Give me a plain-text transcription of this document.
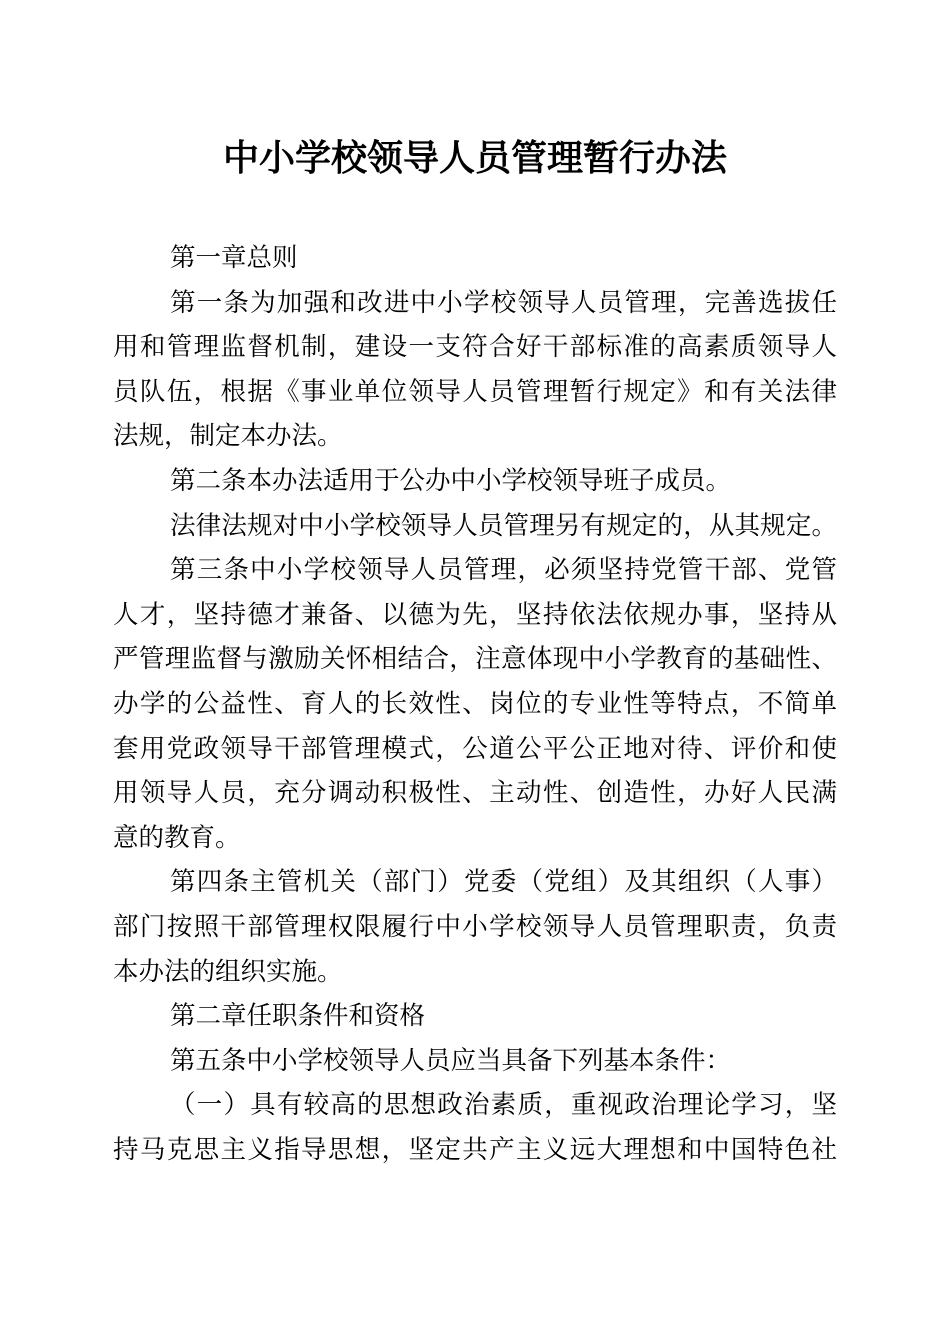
中小学校领导人员管理暂行办法
第一章总则
第一条为加强和改进中小学校领导人员管理，完善选拔任
用和管理监督机制，建设一支符合好干部标准的高素质领导人
员队伍，根据《事业单位领导人员管理暂行规定》和有关法律
法规，制定本办法。
第二条本办法适用于公办中小学校领导班子成员。
法律法规对中小学校领导人员管理另有规定的，从其规定。
第三条中小学校领导人员管理，必须坚持党管干部、党管
人才，坚持德才兼备、以德为先，坚持依法依规办事，坚持从
严管理监督与激励关怀相结合，注意体现中小学教育的基础性、
办学的公益性、育人的长效性、岗位的专业性等特点，不简单
套用党政领导干部管理模式，公道公平公正地对待、评价和使
用领导人员，充分调动积极性、主动性、创造性，办好人民满
意的教育。
第四条主管机关（部门）党委（党组）及其组织（人事）
部门按照干部管理权限履行中小学校领导人员管理职责，负责
本办法的组织实施。
第二章任职条件和资格
第五条中小学校领导人员应当具备下列基本条件：
（一）具有较高的思想政治素质，重视政治理论学习，坚
持马克思主义指导思想，坚定共产主义远大理想和中国特色社
